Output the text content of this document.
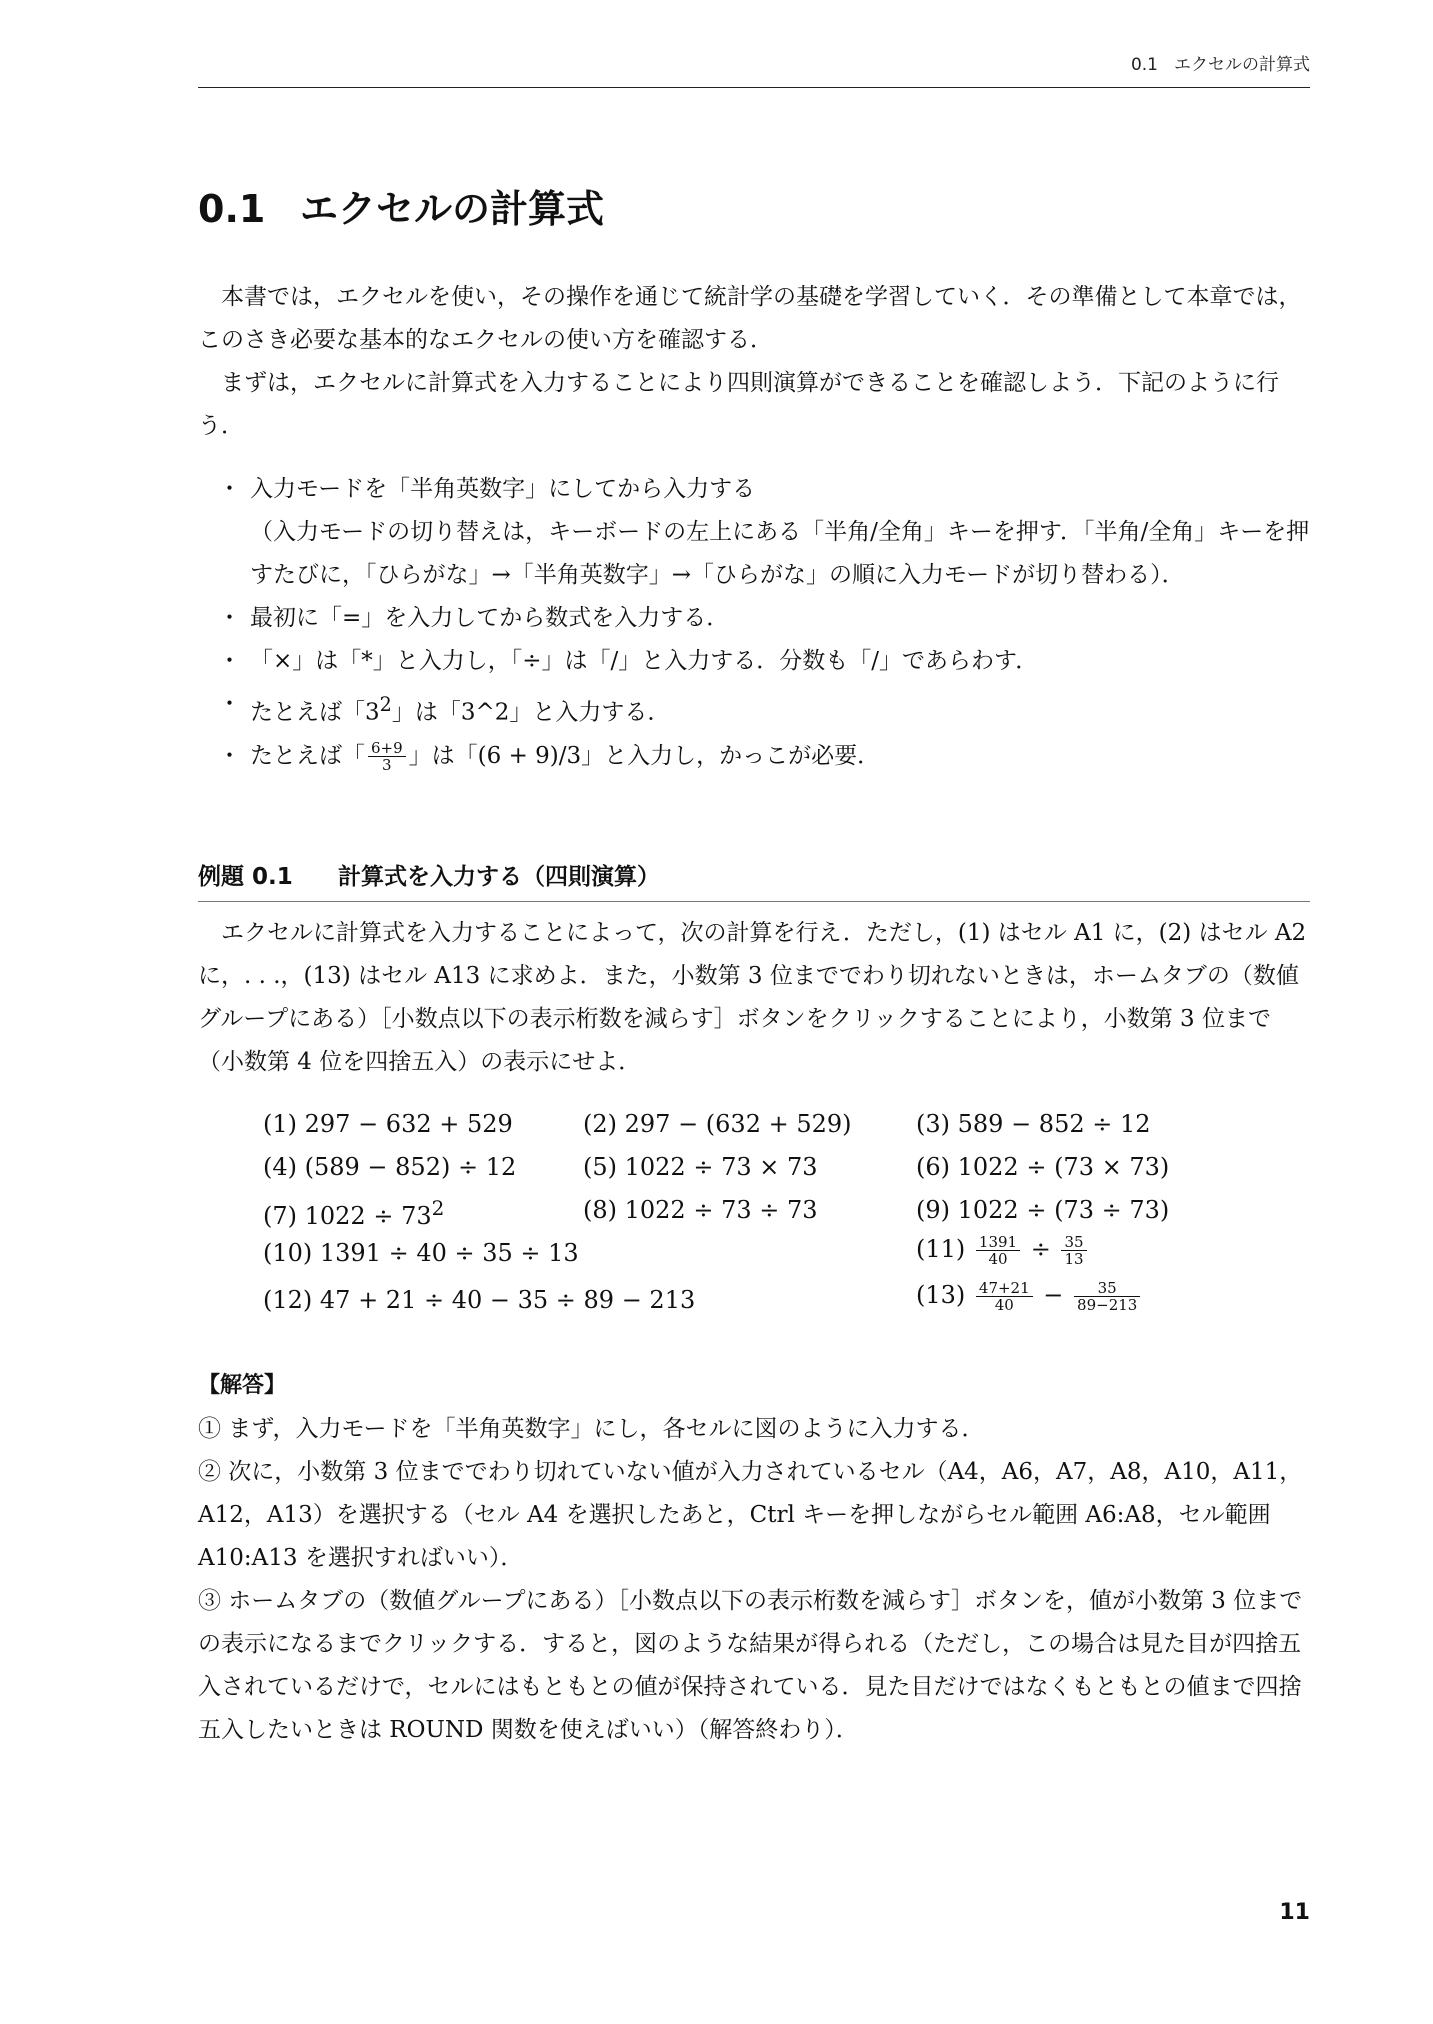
0.1 エクセルの計算式
0.1 エクセルの計算式

本書では，エクセルを使い，その操作を通じて統計学の基礎を学習していく．その準備として本章では，このさき必要な基本的なエクセルの使い方を確認する．

まずは，エクセルに計算式を入力することにより四則演算ができることを確認しよう．下記のように行う．

・ 入力モードを「半角英数字」にしてから入力する
（入力モードの切り替えは，キーボードの左上にある「半角/全角」キーを押す．「半角/全角」キーを押すたびに，「ひらがな」→「半角英数字」→「ひらがな」の順に入力モードが切り替わる）．
・ 最初に「=」を入力してから数式を入力する．
・ 「×」は「*」と入力し，「÷」は「/」と入力する．分数も「/」であらわす．
・ たとえば「$3^2$」は「3^2」と入力する．
・ たとえば「 $\frac{6+9}{3}$ 」は「(6 + 9)/3」と入力し，かっこが必要．
例題 0.1 計算式を入力する（四則演算）

エクセルに計算式を入力することによって，次の計算を行え．ただし，(1) はセル A1 に，(2) はセル A2 に，. . .，(13) はセル A13 に求めよ．また，小数第 3 位まででわり切れないときは，ホームタブの（数値グループにある）［小数点以下の表示桁数を減らす］ボタンをクリックすることにより，小数第 3 位まで（小数第 4 位を四捨五入）の表示にせよ．

(1) 297 − 632 + 529	(2) 297 − (632 + 529)	(3) 589 − 852 ÷ 12
(4) (589 − 852) ÷ 12	(5) 1022 ÷ 73 × 73	(6) 1022 ÷ (73 × 73)
(7) $1022 \div 73^2$	(8) 1022 ÷ 73 ÷ 73	(9) 1022 ÷ (73 ÷ 73)
(10) 1391 ÷ 40 ÷ 35 ÷ 13	$(11) \frac{1391}{40} \div \frac{35}{13}$
(12) 47 + 21 ÷ 40 − 35 ÷ 89 − 213	$(13) \frac{47+21}{40} - \frac{35}{89-213}$
【解答】

① まず，入力モードを「半角英数字」にし，各セルに図のように入力する．

② 次に，小数第 3 位まででわり切れていない値が入力されているセル（A4，A6，A7，A8，A10，A11，A12，A13）を選択する（セル A4 を選択したあと，Ctrl キーを押しながらセル範囲 A6:A8，セル範囲 A10:A13 を選択すればいい）．

③ ホームタブの（数値グループにある）［小数点以下の表示桁数を減らす］ボタンを，値が小数第 3 位までの表示になるまでクリックする．すると，図のような結果が得られる（ただし，この場合は見た目が四捨五入されているだけで，セルにはもともとの値が保持されている．見た目だけではなくもともとの値まで四捨五入したいときは ROUND 関数を使えばいい）（解答終わり）．

11
